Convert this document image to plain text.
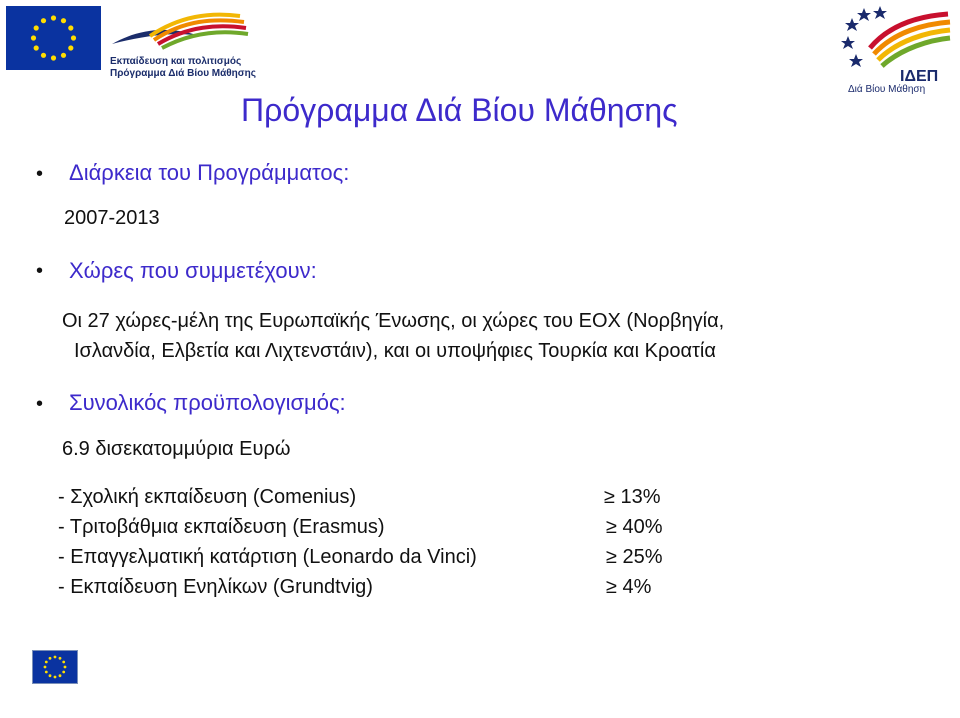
Εκπαίδευση και πολιτισμός
Πρόγραμμα Διά Βίου Μάθησης	ΙΔΕΠ
Διά Βίου Μάθηση
Πρόγραμμα Διά Βίου Μάθησης
• Διάρκεια του Προγράμματος:
2007-2013
• Χώρες που συμμετέχουν:
Οι 27 χώρες-μέλη της Ευρωπαϊκής Ένωσης, οι χώρες του ΕΟΧ (Νορβηγία,
Ισλανδία, Ελβετία και Λιχτενστάιν), και οι υποψήφιες Τουρκία και Κροατία
• Συνολικός προϋπολογισμός:
6.9 δισεκατομμύρια Ευρώ
- Σχολική εκπαίδευση (Comenius)	≥ 13%
- Τριτοβάθμια εκπαίδευση (Erasmus)	≥ 40%
- Επαγγελματική κατάρτιση (Leonardo da Vinci)	≥ 25%
- Εκπαίδευση Ενηλίκων (Grundtvig)	≥ 4%
